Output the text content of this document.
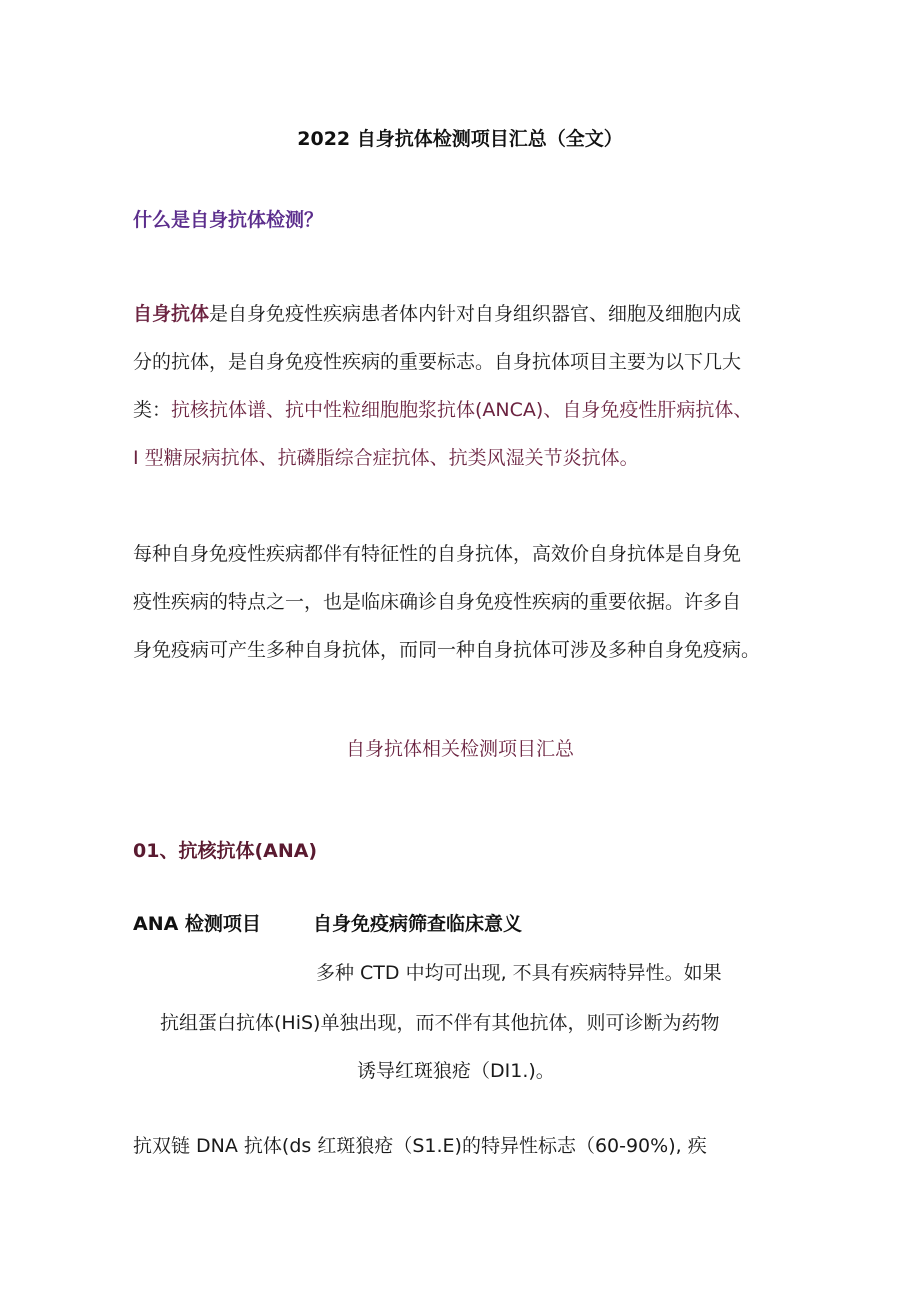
2022 自身抗体检测项目汇总（全文）
什么是自身抗体检测？
自身抗体是自身免疫性疾病患者体内针对自身组织器官、细胞及细胞内成
分的抗体，是自身免疫性疾病的重要标志。自身抗体项目主要为以下几大
类：抗核抗体谱、抗中性粒细胞胞浆抗体(ANCA)、自身免疫性肝病抗体、
I 型糖尿病抗体、抗磷脂综合症抗体、抗类风湿关节炎抗体。
每种自身免疫性疾病都伴有特征性的自身抗体，高效价自身抗体是自身免
疫性疾病的特点之一，也是临床确诊自身免疫性疾病的重要依据。许多自
身免疫病可产生多种自身抗体，而同一种自身抗体可涉及多种自身免疫病。
自身抗体相关检测项目汇总
01、抗核抗体(ANA)
ANA 检测项目	自身免疫病筛查临床意义
多种 CTD 中均可出现, 不具有疾病特异性。如果
抗组蛋白抗体(HiS)单独出现，而不伴有其他抗体，则可诊断为药物
诱导红斑狼疮（DI1.)。
抗双链 DNA 抗体(ds 红斑狼疮（S1.E)的特异性标志（60-90%), 疾
